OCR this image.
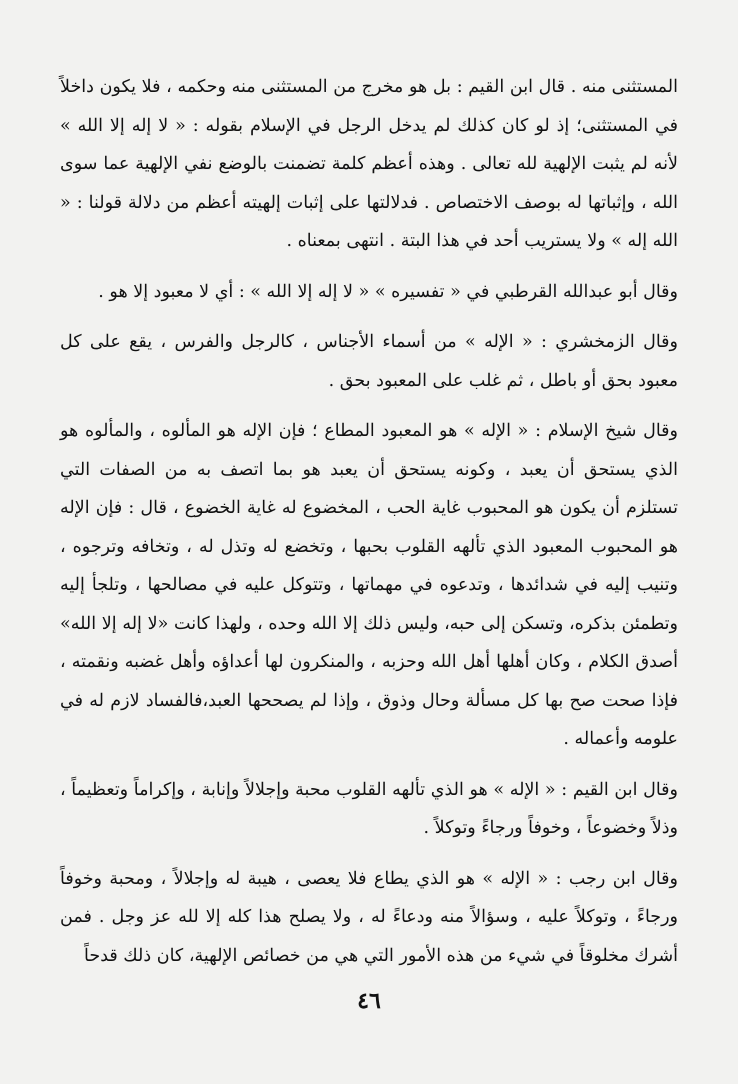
المستثنى منه . قال ابن القيم : بل هو مخرج من المستثنى منه وحكمه ، فلا يكون داخلاً في المستثنى؛ إذ لو كان كذلك لم يدخل الرجل في الإسلام بقوله : « لا إله إلا الله » لأنه لم يثبت الإلهية لله تعالى . وهذه أعظم كلمة تضمنت بالوضع نفي الإلهية عما سوى الله ، وإثباتها له بوصف الاختصاص . فدلالتها على إثبات إلهيته أعظم من دلالة قولنا : « الله إله » ولا يستريب أحد في هذا البتة . انتهى بمعناه .

وقال أبو عبدالله القرطبي في « تفسيره » « لا إله إلا الله » : أي لا معبود إلا هو .

وقال الزمخشري : « الإله » من أسماء الأجناس ، كالرجل والفرس ، يقع على كل معبود بحق أو باطل ، ثم غلب على المعبود بحق .

وقال شيخ الإسلام : « الإله » هو المعبود المطاع ؛ فإن الإله هو المألوه ، والمألوه هو الذي يستحق أن يعبد ، وكونه يستحق أن يعبد هو بما اتصف به من الصفات التي تستلزم أن يكون هو المحبوب غاية الحب ، المخضوع له غاية الخضوع ، قال : فإن الإله هو المحبوب المعبود الذي تألهه القلوب بحبها ، وتخضع له وتذل له ، وتخافه وترجوه ، وتنيب إليه في شدائدها ، وتدعوه في مهماتها ، وتتوكل عليه في مصالحها ، وتلجأ إليه وتطمئن بذكره، وتسكن إلى حبه، وليس ذلك إلا الله وحده ، ولهذا كانت «لا إله إلا الله» أصدق الكلام ، وكان أهلها أهل الله وحزبه ، والمنكرون لها أعداؤه وأهل غضبه ونقمته ، فإذا صحت صح بها كل مسألة وحال وذوق ، وإذا لم يصححها العبد،فالفساد لازم له في علومه وأعماله .

وقال ابن القيم : « الإله » هو الذي تألهه القلوب محبة وإجلالاً وإنابة ، وإكراماً وتعظيماً ، وذلاً وخضوعاً ، وخوفاً ورجاءً وتوكلاً .

وقال ابن رجب : « الإله » هو الذي يطاع فلا يعصى ، هيبة له وإجلالاً ، ومحبة وخوفاً ورجاءً ، وتوكلاً عليه ، وسؤالاً منه ودعاءً له ، ولا يصلح هذا كله إلا لله عز وجل . فمن أشرك مخلوقاً في شيء من هذه الأمور التي هي من خصائص الإلهية، كان ذلك قدحاً

٤٦
